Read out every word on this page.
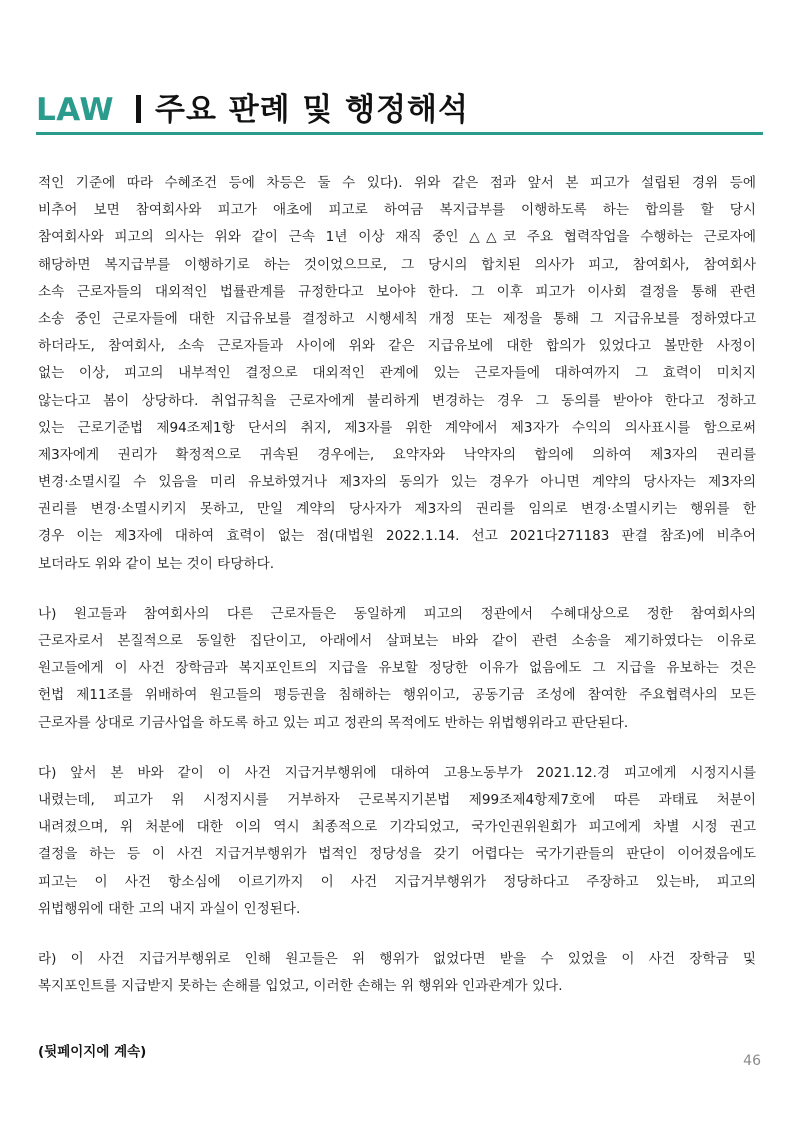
LAW 주요 판례 및 행정해석
적인 기준에 따라 수혜조건 등에 차등은 둘 수 있다). 위와 같은 점과 앞서 본 피고가 설립된 경위 등에
비추어 보면 참여회사와 피고가 애초에 피고로 하여금 복지급부를 이행하도록 하는 합의를 할 당시
참여회사와 피고의 의사는 위와 같이 근속 1년 이상 재직 중인 △△코 주요 협력작업을 수행하는 근로자에
해당하면 복지급부를 이행하기로 하는 것이었으므로, 그 당시의 합치된 의사가 피고, 참여회사, 참여회사
소속 근로자들의 대외적인 법률관계를 규정한다고 보아야 한다. 그 이후 피고가 이사회 결정을 통해 관련
소송 중인 근로자들에 대한 지급유보를 결정하고 시행세칙 개정 또는 제정을 통해 그 지급유보를 정하였다고
하더라도, 참여회사, 소속 근로자들과 사이에 위와 같은 지급유보에 대한 합의가 있었다고 볼만한 사정이
없는 이상, 피고의 내부적인 결정으로 대외적인 관계에 있는 근로자들에 대하여까지 그 효력이 미치지
않는다고 봄이 상당하다. 취업규칙을 근로자에게 불리하게 변경하는 경우 그 동의를 받아야 한다고 정하고
있는 근로기준법 제94조제1항 단서의 취지, 제3자를 위한 계약에서 제3자가 수익의 의사표시를 함으로써
제3자에게 권리가 확정적으로 귀속된 경우에는, 요약자와 낙약자의 합의에 의하여 제3자의 권리를
변경·소멸시킬 수 있음을 미리 유보하였거나 제3자의 동의가 있는 경우가 아니면 계약의 당사자는 제3자의
권리를 변경·소멸시키지 못하고, 만일 계약의 당사자가 제3자의 권리를 임의로 변경·소멸시키는 행위를 한
경우 이는 제3자에 대하여 효력이 없는 점(대법원 2022.1.14. 선고 2021다271183 판결 참조)에 비추어
보더라도 위와 같이 보는 것이 타당하다.
나) 원고들과 참여회사의 다른 근로자들은 동일하게 피고의 정관에서 수혜대상으로 정한 참여회사의
근로자로서 본질적으로 동일한 집단이고, 아래에서 살펴보는 바와 같이 관련 소송을 제기하였다는 이유로
원고들에게 이 사건 장학금과 복지포인트의 지급을 유보할 정당한 이유가 없음에도 그 지급을 유보하는 것은
헌법 제11조를 위배하여 원고들의 평등권을 침해하는 행위이고, 공동기금 조성에 참여한 주요협력사의 모든
근로자를 상대로 기금사업을 하도록 하고 있는 피고 정관의 목적에도 반하는 위법행위라고 판단된다.
다) 앞서 본 바와 같이 이 사건 지급거부행위에 대하여 고용노동부가 2021.12.경 피고에게 시정지시를
내렸는데, 피고가 위 시정지시를 거부하자 근로복지기본법 제99조제4항제7호에 따른 과태료 처분이
내려졌으며, 위 처분에 대한 이의 역시 최종적으로 기각되었고, 국가인권위원회가 피고에게 차별 시정 권고
결정을 하는 등 이 사건 지급거부행위가 법적인 정당성을 갖기 어렵다는 국가기관들의 판단이 이어졌음에도
피고는 이 사건 항소심에 이르기까지 이 사건 지급거부행위가 정당하다고 주장하고 있는바, 피고의
위법행위에 대한 고의 내지 과실이 인정된다.
라) 이 사건 지급거부행위로 인해 원고들은 위 행위가 없었다면 받을 수 있었을 이 사건 장학금 및
복지포인트를 지급받지 못하는 손해를 입었고, 이러한 손해는 위 행위와 인과관계가 있다.
(뒷페이지에 계속)
46
